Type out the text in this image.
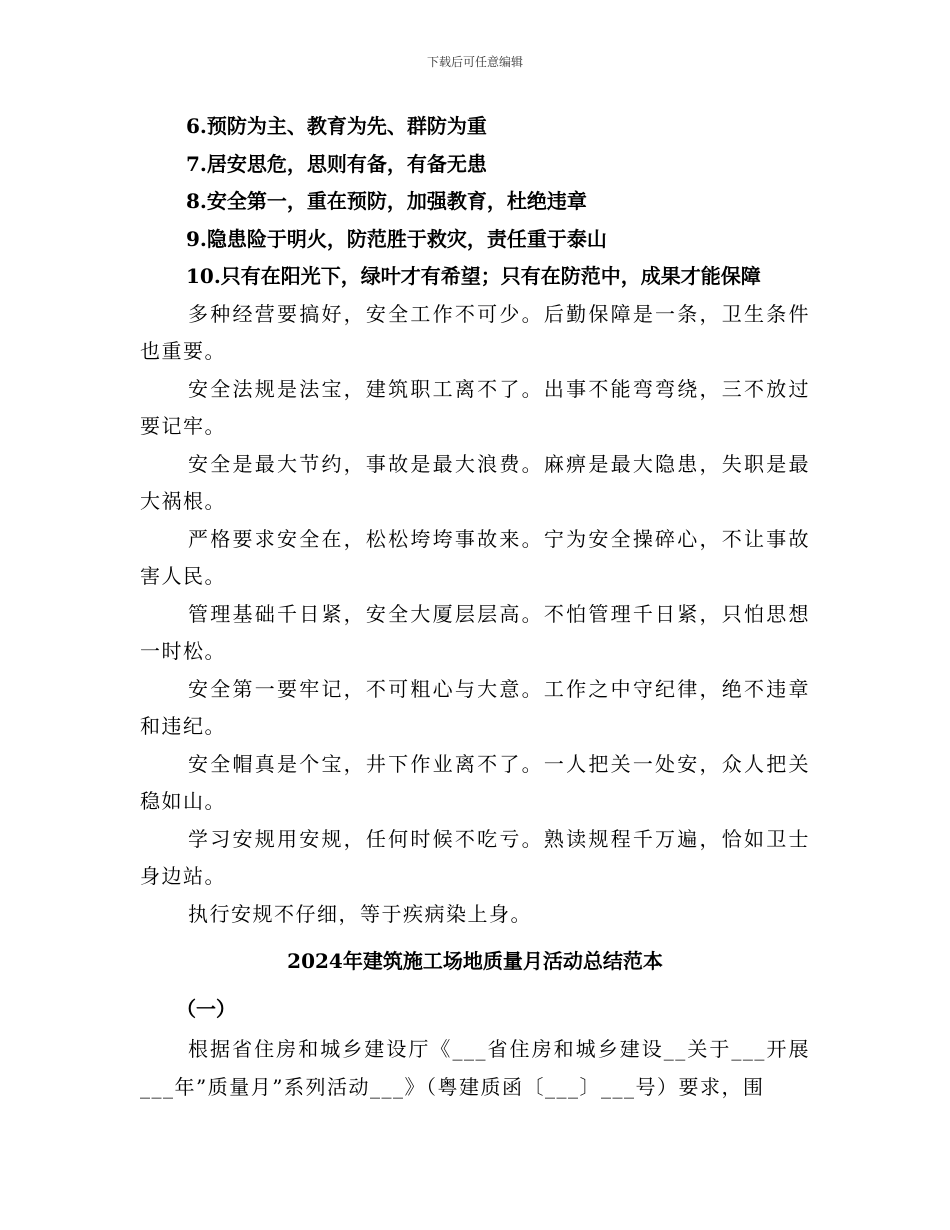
下载后可任意编辑
6.预防为主、教育为先、群防为重
7.居安思危，思则有备，有备无患
8.安全第一，重在预防，加强教育，杜绝违章
9.隐患险于明火，防范胜于救灾，责任重于泰山
10.只有在阳光下，绿叶才有希望；只有在防范中，成果才能保障

多种经营要搞好，安全工作不可少。后勤保障是一条，卫生条件也重要。

安全法规是法宝，建筑职工离不了。出事不能弯弯绕，三不放过要记牢。

安全是最大节约，事故是最大浪费。麻痹是最大隐患，失职是最大祸根。

严格要求安全在，松松垮垮事故来。宁为安全操碎心，不让事故害人民。

管理基础千日紧，安全大厦层层高。不怕管理千日紧，只怕思想一时松。

安全第一要牢记，不可粗心与大意。工作之中守纪律，绝不违章和违纪。

安全帽真是个宝，井下作业离不了。一人把关一处安，众人把关稳如山。

学习安规用安规，任何时候不吃亏。熟读规程千万遍，恰如卫士身边站。

执行安规不仔细，等于疾病染上身。

2024年建筑施工场地质量月活动总结范本
（一）

根据省住房和城乡建设厅《___省住房和城乡建设__关于___开展___年”质量月”系列活动___》（粤建质函〔___〕___号）要求，围
